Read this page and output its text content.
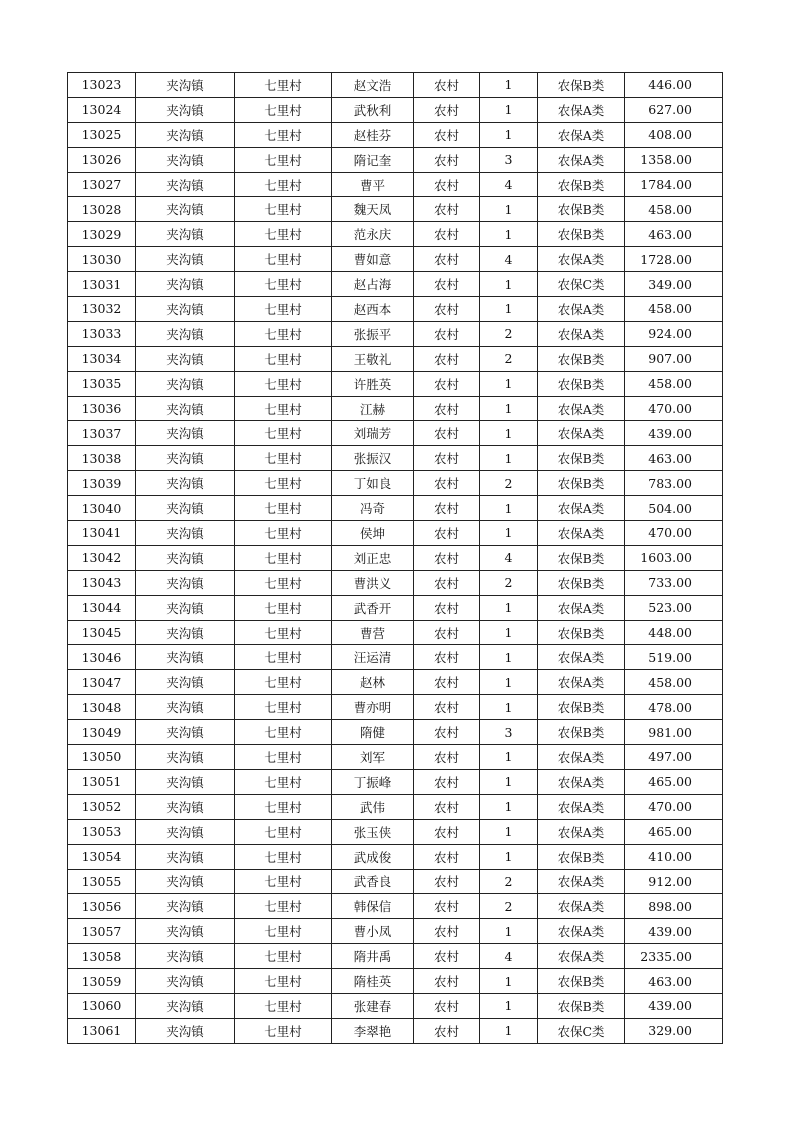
13023	夹沟镇	七里村	赵文浩	农村	1	农保B类	446.00
13024	夹沟镇	七里村	武秋利	农村	1	农保A类	627.00
13025	夹沟镇	七里村	赵桂芬	农村	1	农保A类	408.00
13026	夹沟镇	七里村	隋记奎	农村	3	农保A类	1358.00
13027	夹沟镇	七里村	曹平	农村	4	农保B类	1784.00
13028	夹沟镇	七里村	魏天凤	农村	1	农保B类	458.00
13029	夹沟镇	七里村	范永庆	农村	1	农保B类	463.00
13030	夹沟镇	七里村	曹如意	农村	4	农保A类	1728.00
13031	夹沟镇	七里村	赵占海	农村	1	农保C类	349.00
13032	夹沟镇	七里村	赵西本	农村	1	农保A类	458.00
13033	夹沟镇	七里村	张振平	农村	2	农保A类	924.00
13034	夹沟镇	七里村	王敬礼	农村	2	农保B类	907.00
13035	夹沟镇	七里村	许胜英	农村	1	农保B类	458.00
13036	夹沟镇	七里村	江赫	农村	1	农保A类	470.00
13037	夹沟镇	七里村	刘瑞芳	农村	1	农保A类	439.00
13038	夹沟镇	七里村	张振汉	农村	1	农保B类	463.00
13039	夹沟镇	七里村	丁如良	农村	2	农保B类	783.00
13040	夹沟镇	七里村	冯奇	农村	1	农保A类	504.00
13041	夹沟镇	七里村	侯坤	农村	1	农保A类	470.00
13042	夹沟镇	七里村	刘正忠	农村	4	农保B类	1603.00
13043	夹沟镇	七里村	曹洪义	农村	2	农保B类	733.00
13044	夹沟镇	七里村	武香开	农村	1	农保A类	523.00
13045	夹沟镇	七里村	曹营	农村	1	农保B类	448.00
13046	夹沟镇	七里村	汪运清	农村	1	农保A类	519.00
13047	夹沟镇	七里村	赵林	农村	1	农保A类	458.00
13048	夹沟镇	七里村	曹亦明	农村	1	农保B类	478.00
13049	夹沟镇	七里村	隋健	农村	3	农保B类	981.00
13050	夹沟镇	七里村	刘军	农村	1	农保A类	497.00
13051	夹沟镇	七里村	丁振峰	农村	1	农保A类	465.00
13052	夹沟镇	七里村	武伟	农村	1	农保A类	470.00
13053	夹沟镇	七里村	张玉侠	农村	1	农保A类	465.00
13054	夹沟镇	七里村	武成俊	农村	1	农保B类	410.00
13055	夹沟镇	七里村	武香良	农村	2	农保A类	912.00
13056	夹沟镇	七里村	韩保信	农村	2	农保A类	898.00
13057	夹沟镇	七里村	曹小凤	农村	1	农保A类	439.00
13058	夹沟镇	七里村	隋井禹	农村	4	农保A类	2335.00
13059	夹沟镇	七里村	隋桂英	农村	1	农保B类	463.00
13060	夹沟镇	七里村	张建春	农村	1	农保B类	439.00
13061	夹沟镇	七里村	李翠艳	农村	1	农保C类	329.00
